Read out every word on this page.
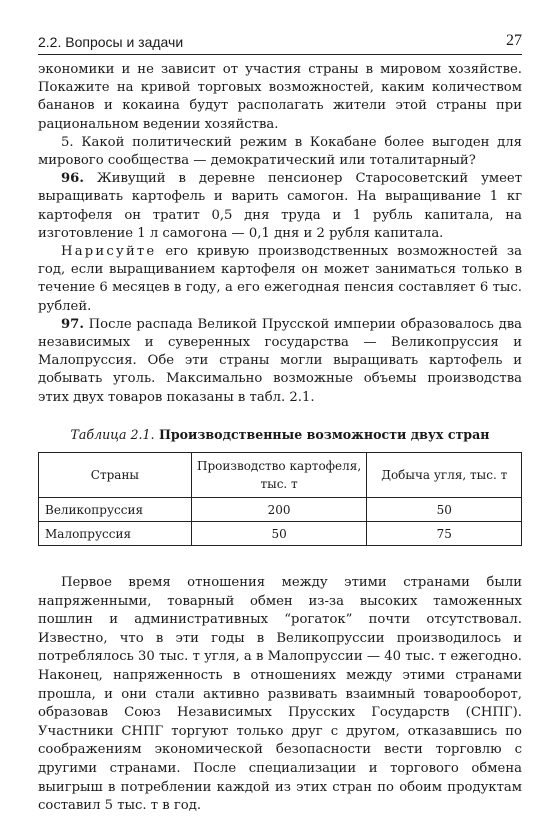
2.2. Вопросы и задачи	27

экономики и не зависит от участия страны в мировом хозяйстве. Покажите на кривой торговых возможностей, каким количеством бананов и кокаина будут располагать жители этой страны при рациональном ведении хозяйства.

5. Какой политический режим в Кокабане более выгоден для мирового сообщества — демократический или тоталитарный?

96. Живущий в деревне пенсионер Старосоветский умеет выращивать картофель и варить самогон. На выращивание 1 кг картофеля он тратит 0,5 дня труда и 1 рубль капитала, на изготовление 1 л самогона — 0,1 дня и 2 рубля капитала.

Нарисуйте его кривую производственных возможностей за год, если выращиванием картофеля он может заниматься только в течение 6 месяцев в году, а его ежегодная пенсия составляет 6 тыс. рублей.

97. После распада Великой Прусской империи образовалось два независимых и суверенных государства — Великопруссия и Малопруссия. Обе эти страны могли выращивать картофель и добывать уголь. Максимально возможные объемы производства этих двух товаров показаны в табл. 2.1.

Таблица 2.1. Производственные возможности двух стран
Страны	Производство картофеля, тыс. т	Добыча угля, тыс. т
Великопруссия	200	50
Малопруссия	50	75

Первое время отношения между этими странами были напряженными, товарный обмен из-за высоких таможенных пошлин и административных “рогаток” почти отсутствовал. Известно, что в эти годы в Великопруссии производилось и потреблялось 30 тыс. т угля, а в Малопруссии — 40 тыс. т ежегодно. Наконец, напряженность в отношениях между этими странами прошла, и они стали активно развивать взаимный товарооборот, образовав Союз Независимых Прусских Государств (СНПГ). Участники СНПГ торгуют только друг с другом, отказавшись по соображениям экономической безопасности вести торговлю с другими странами. После специализации и торгового обмена выигрыш в потреблении каждой из этих стран по обоим продуктам составил 5 тыс. т в год.
